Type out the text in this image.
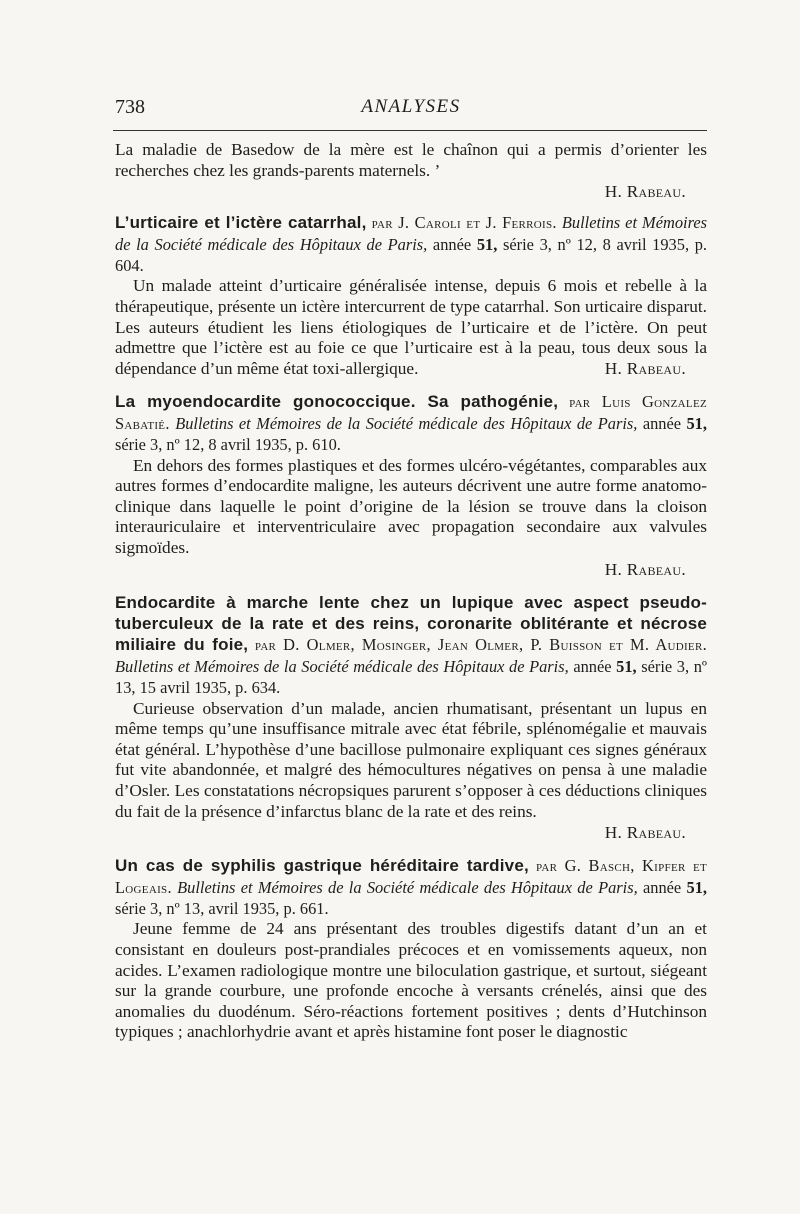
738	ANALYSES

La maladie de Basedow de la mère est le chaînon qui a permis d’orienter les recherches chez les grands-parents maternels. ’

H. Rabeau.

L’urticaire et l’ictère catarrhal, par J. Caroli et J. Ferrois. Bulletins et Mémoires de la Société médicale des Hôpitaux de Paris, année 51, série 3, nº 12, 8 avril 1935, p. 604.

Un malade atteint d’urticaire généralisée intense, depuis 6 mois et rebelle à la thérapeutique, présente un ictère intercurrent de type catarrhal. Son urticaire disparut. Les auteurs étudient les liens étiologiques de l’urticaire et de l’ictère. On peut admettre que l’ictère est au foie ce que l’urticaire est à la peau, tous deux sous la dépendance d’un même état toxi-allergique.	H. Rabeau.

La myoendocardite gonococcique. Sa pathogénie, par Luis Gonzalez Sabatié. Bulletins et Mémoires de la Société médicale des Hôpitaux de Paris, année 51, série 3, nº 12, 8 avril 1935, p. 610.

En dehors des formes plastiques et des formes ulcéro-végétantes, comparables aux autres formes d’endocardite maligne, les auteurs décrivent une autre forme anatomo-clinique dans laquelle le point d’origine de la lésion se trouve dans la cloison interauriculaire et interventriculaire avec propagation secondaire aux valvules sigmoïdes.

H. Rabeau.

Endocardite à marche lente chez un lupique avec aspect pseudo-tuberculeux de la rate et des reins, coronarite oblitérante et nécrose miliaire du foie, par D. Olmer, Mosinger, Jean Olmer, P. Buisson et M. Audier. Bulletins et Mémoires de la Société médicale des Hôpitaux de Paris, année 51, série 3, nº 13, 15 avril 1935, p. 634.

Curieuse observation d’un malade, ancien rhumatisant, présentant un lupus en même temps qu’une insuffisance mitrale avec état fébrile, splénomégalie et mauvais état général. L’hypothèse d’une bacillose pulmonaire expliquant ces signes généraux fut vite abandonnée, et malgré des hémocultures négatives on pensa à une maladie d’Osler. Les constatations nécropsiques parurent s’opposer à ces déductions cliniques du fait de la présence d’infarctus blanc de la rate et des reins.

H. Rabeau.

Un cas de syphilis gastrique héréditaire tardive, par G. Basch, Kipfer et Logeais. Bulletins et Mémoires de la Société médicale des Hôpitaux de Paris, année 51, série 3, nº 13, avril 1935, p. 661.

Jeune femme de 24 ans présentant des troubles digestifs datant d’un an et consistant en douleurs post-prandiales précoces et en vomissements aqueux, non acides. L’examen radiologique montre une biloculation gastrique, et surtout, siégeant sur la grande courbure, une profonde encoche à versants crénelés, ainsi que des anomalies du duodénum. Séro-réactions fortement positives ; dents d’Hutchinson typiques ; anachlorhydrie avant et après histamine font poser le diagnostic
